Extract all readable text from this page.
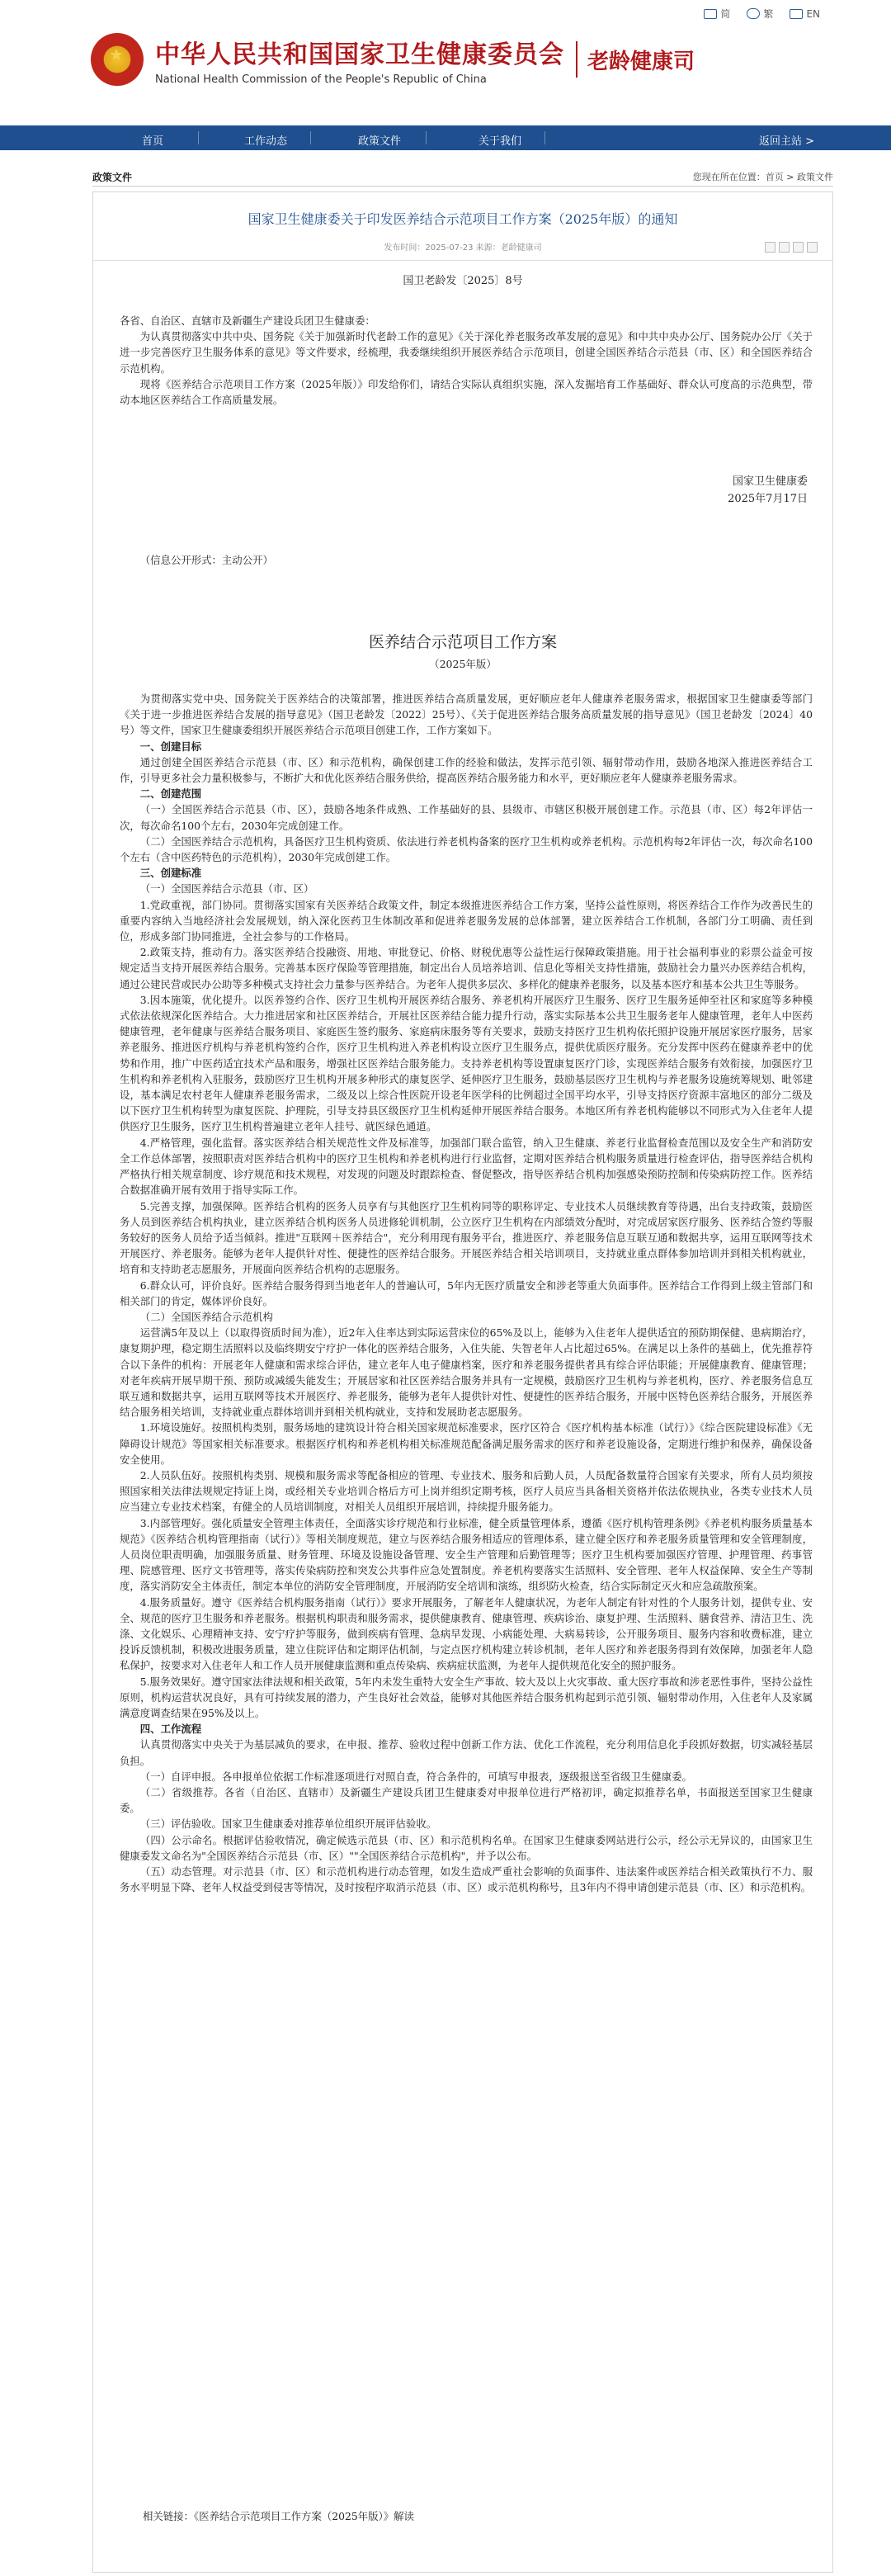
简	繁	EN
★
中华人民共和国国家卫生健康委员会
National Health Commission of the People's Republic of China
老龄健康司
首页	工作动态	政策文件	关于我们	返回主站 >
政策文件	您现在所在位置：首页 > 政策文件
国家卫生健康委关于印发医养结合示范项目工作方案（2025年版）的通知
发布时间：2025-07-23 来源：老龄健康司
国卫老龄发〔2025〕8号

各省、自治区、直辖市及新疆生产建设兵团卫生健康委：

为认真贯彻落实中共中央、国务院《关于加强新时代老龄工作的意见》《关于深化养老服务改革发展的意见》和中共中央办公厅、国务院办公厅《关于进一步完善医疗卫生服务体系的意见》等文件要求，经梳理，我委继续组织开展医养结合示范项目，创建全国医养结合示范县（市、区）和全国医养结合示范机构。

现将《医养结合示范项目工作方案（2025年版）》印发给你们，请结合实际认真组织实施，深入发掘培育工作基础好、群众认可度高的示范典型，带动本地区医养结合工作高质量发展。

国家卫生健康委
2025年7月17日

（信息公开形式：主动公开）

医养结合示范项目工作方案
（2025年版）

为贯彻落实党中央、国务院关于医养结合的决策部署，推进医养结合高质量发展，更好顺应老年人健康养老服务需求，根据国家卫生健康委等部门《关于进一步推进医养结合发展的指导意见》（国卫老龄发〔2022〕25号）、《关于促进医养结合服务高质量发展的指导意见》（国卫老龄发〔2024〕40号）等文件，国家卫生健康委组织开展医养结合示范项目创建工作，工作方案如下。

一、创建目标

通过创建全国医养结合示范县（市、区）和示范机构，确保创建工作的经验和做法，发挥示范引领、辐射带动作用，鼓励各地深入推进医养结合工作，引导更多社会力量积极参与，不断扩大和优化医养结合服务供给，提高医养结合服务能力和水平，更好顺应老年人健康养老服务需求。

二、创建范围

（一）全国医养结合示范县（市、区），鼓励各地条件成熟、工作基础好的县、县级市、市辖区积极开展创建工作。示范县（市、区）每2年评估一次，每次命名100个左右，2030年完成创建工作。

（二）全国医养结合示范机构，具备医疗卫生机构资质、依法进行养老机构备案的医疗卫生机构或养老机构。示范机构每2年评估一次，每次命名100个左右（含中医药特色的示范机构），2030年完成创建工作。

三、创建标准

（一）全国医养结合示范县（市、区）

1.党政重视，部门协同。贯彻落实国家有关医养结合政策文件，制定本级推进医养结合工作方案，坚持公益性原则，将医养结合工作作为改善民生的重要内容纳入当地经济社会发展规划，纳入深化医药卫生体制改革和促进养老服务发展的总体部署，建立医养结合工作机制，各部门分工明确、责任到位，形成多部门协同推进，全社会参与的工作格局。

2.政策支持，推动有力。落实医养结合投融资、用地、审批登记、价格、财税优惠等公益性运行保障政策措施。用于社会福利事业的彩票公益金可按规定适当支持开展医养结合服务。完善基本医疗保险等管理措施，制定出台人员培养培训、信息化等相关支持性措施，鼓励社会力量兴办医养结合机构，通过公建民营或民办公助等多种模式支持社会力量参与医养结合。为老年人提供多层次、多样化的健康养老服务，以及基本医疗和基本公共卫生等服务。

3.因本施策，优化提升。以医养签约合作、医疗卫生机构开展医养结合服务、养老机构开展医疗卫生服务、医疗卫生服务延伸至社区和家庭等多种模式依法依规深化医养结合。大力推进居家和社区医养结合，开展社区医养结合能力提升行动，落实实际基本公共卫生服务老年人健康管理，老年人中医药健康管理，老年健康与医养结合服务项目、家庭医生签约服务、家庭病床服务等有关要求，鼓励支持医疗卫生机构依托照护设施开展居家医疗服务，居家养老服务、推进医疗机构与养老机构签约合作，医疗卫生机构进入养老机构设立医疗卫生服务点，提供优质医疗服务。充分发挥中医药在健康养老中的优势和作用，推广中医药适宜技术产品和服务，增强社区医养结合服务能力。支持养老机构等设置康复医疗门诊，实现医养结合服务有效衔接，加强医疗卫生机构和养老机构入驻服务，鼓励医疗卫生机构开展多种形式的康复医学、延伸医疗卫生服务，鼓励基层医疗卫生机构与养老服务设施统筹规划、毗邻建设，基本满足农村老年人健康养老服务需求，二级及以上综合性医院开设老年医学科的比例超过全国平均水平，引导支持医疗资源丰富地区的部分二级及以下医疗卫生机构转型为康复医院、护理院，引导支持县区级医疗卫生机构延伸开展医养结合服务。本地区所有养老机构能够以不同形式为入住老年人提供医疗卫生服务，医疗卫生机构普遍建立老年人挂号、就医绿色通道。

4.严格管理，强化监督。落实医养结合相关规范性文件及标准等，加强部门联合监管，纳入卫生健康、养老行业监督检查范围以及安全生产和消防安全工作总体部署，按照职责对医养结合机构中的医疗卫生机构和养老机构进行行业监督，定期对医养结合机构服务质量进行检查评估，指导医养结合机构严格执行相关规章制度、诊疗规范和技术规程，对发现的问题及时跟踪检查、督促整改，指导医养结合机构加强感染预防控制和传染病防控工作。医养结合数据准确开展有效用于指导实际工作。

5.完善支撑，加强保障。医养结合机构的医务人员享有与其他医疗卫生机构同等的职称评定、专业技术人员继续教育等待遇，出台支持政策，鼓励医务人员到医养结合机构执业，建立医养结合机构医务人员进修轮训机制，公立医疗卫生机构在内部绩效分配时，对完成居家医疗服务、医养结合签约等服务较好的医务人员给予适当倾斜。推进"互联网＋医养结合"，充分利用现有服务平台，推进医疗、养老服务信息互联互通和数据共享，运用互联网等技术开展医疗、养老服务。能够为老年人提供针对性、便捷性的医养结合服务。开展医养结合相关培训项目，支持就业重点群体参加培训并到相关机构就业，培育和支持助老志愿服务，开展面向医养结合机构的志愿服务。

6.群众认可，评价良好。医养结合服务得到当地老年人的普遍认可，5年内无医疗质量安全和涉老等重大负面事件。医养结合工作得到上级主管部门和相关部门的肯定，媒体评价良好。

（二）全国医养结合示范机构

运营满5年及以上（以取得资质时间为准），近2年入住率达到实际运营床位的65%及以上，能够为入住老年人提供适宜的预防期保健、患病期治疗，康复期护理，稳定期生活照料以及临终期安宁疗护一体化的医养结合服务，入住失能、失智老年人占比超过65%。在满足以上条件的基础上，优先推荐符合以下条件的机构：开展老年人健康和需求综合评估，建立老年人电子健康档案，医疗和养老服务提供者具有综合评估职能；开展健康教育、健康管理；对老年疾病开展早期干预、预防或减缓失能发生；开展居家和社区医养结合服务并具有一定规模，鼓励医疗卫生机构与养老机构，医疗、养老服务信息互联互通和数据共享，运用互联网等技术开展医疗、养老服务，能够为老年人提供针对性、便捷性的医养结合服务，开展中医特色医养结合服务，开展医养结合服务相关培训，支持就业重点群体培训并到相关机构就业，支持和发展助老志愿服务。

1.环境设施好。按照机构类别，服务场地的建筑设计符合相关国家规范标准要求，医疗区符合《医疗机构基本标准（试行）》《综合医院建设标准》《无障碍设计规范》等国家相关标准要求。根据医疗机构和养老机构相关标准规范配备满足服务需求的医疗和养老设施设备，定期进行维护和保养，确保设备安全使用。

2.人员队伍好。按照机构类别、规模和服务需求等配备相应的管理、专业技术、服务和后勤人员，人员配备数量符合国家有关要求，所有人员均须按照国家相关法律法规规定持证上岗，或经相关专业培训合格后方可上岗并组织定期考核，医疗人员应当具备相关资格并依法依规执业，各类专业技术人员应当建立专业技术档案，有健全的人员培训制度，对相关人员组织开展培训，持续提升服务能力。

3.内部管理好。强化质量安全管理主体责任，全面落实诊疗规范和行业标准，健全质量管理体系，遵循《医疗机构管理条例》《养老机构服务质量基本规范》《医养结合机构管理指南（试行）》等相关制度规范，建立与医养结合服务相适应的管理体系，建立健全医疗和养老服务质量管理和安全管理制度，人员岗位职责明确，加强服务质量、财务管理、环境及设施设备管理、安全生产管理和后勤管理等；医疗卫生机构要加强医疗管理、护理管理、药事管理、院感管理、医疗文书管理等，落实传染病防控和突发公共事件应急处置制度。养老机构要落实生活照料、安全管理、老年人权益保障、安全生产等制度，落实消防安全主体责任，制定本单位的消防安全管理制度，开展消防安全培训和演练，组织防火检查，结合实际制定灭火和应急疏散预案。

4.服务质量好。遵守《医养结合机构服务指南（试行）》要求开展服务，了解老年人健康状况，为老年人制定有针对性的个人服务计划，提供专业、安全、规范的医疗卫生服务和养老服务。根据机构职责和服务需求，提供健康教育、健康管理、疾病诊治、康复护理、生活照料、膳食营养、清洁卫生、洗涤、文化娱乐、心理精神支持、安宁疗护等服务，做到疾病有管理、急病早发现、小病能处理、大病易转诊，公开服务项目、服务内容和收费标准，建立投诉反馈机制，积极改进服务质量，建立住院评估和定期评估机制，与定点医疗机构建立转诊机制，老年人医疗和养老服务得到有效保障，加强老年人隐私保护，按要求对入住老年人和工作人员开展健康监测和重点传染病、疾病症状监测，为老年人提供规范化安全的照护服务。

5.服务效果好。遵守国家法律法规和相关政策，5年内未发生重特大安全生产事故、较大及以上火灾事故、重大医疗事故和涉老恶性事件，坚持公益性原则，机构运营状况良好，具有可持续发展的潜力，产生良好社会效益，能够对其他医养结合服务机构起到示范引领、辐射带动作用，入住老年人及家属满意度调查结果在95%及以上。

四、工作流程

认真贯彻落实中央关于为基层减负的要求，在申报、推荐、验收过程中创新工作方法、优化工作流程，充分利用信息化手段抓好数据，切实减轻基层负担。

（一）自评申报。各申报单位依据工作标准逐项进行对照自查，符合条件的，可填写申报表，逐级报送至省级卫生健康委。

（二）省级推荐。各省（自治区、直辖市）及新疆生产建设兵团卫生健康委对申报单位进行严格初评，确定拟推荐名单，书面报送至国家卫生健康委。

（三）评估验收。国家卫生健康委对推荐单位组织开展评估验收。

（四）公示命名。根据评估验收情况，确定候选示范县（市、区）和示范机构名单。在国家卫生健康委网站进行公示，经公示无异议的，由国家卫生健康委发文命名为"全国医养结合示范县（市、区）""全国医养结合示范机构"，并予以公布。

（五）动态管理。对示范县（市、区）和示范机构进行动态管理，如发生造成严重社会影响的负面事件、违法案件或医养结合相关政策执行不力、服务水平明显下降、老年人权益受到侵害等情况，及时按程序取消示范县（市、区）或示范机构称号，且3年内不得申请创建示范县（市、区）和示范机构。

相关链接：《医养结合示范项目工作方案（2025年版）》解读
